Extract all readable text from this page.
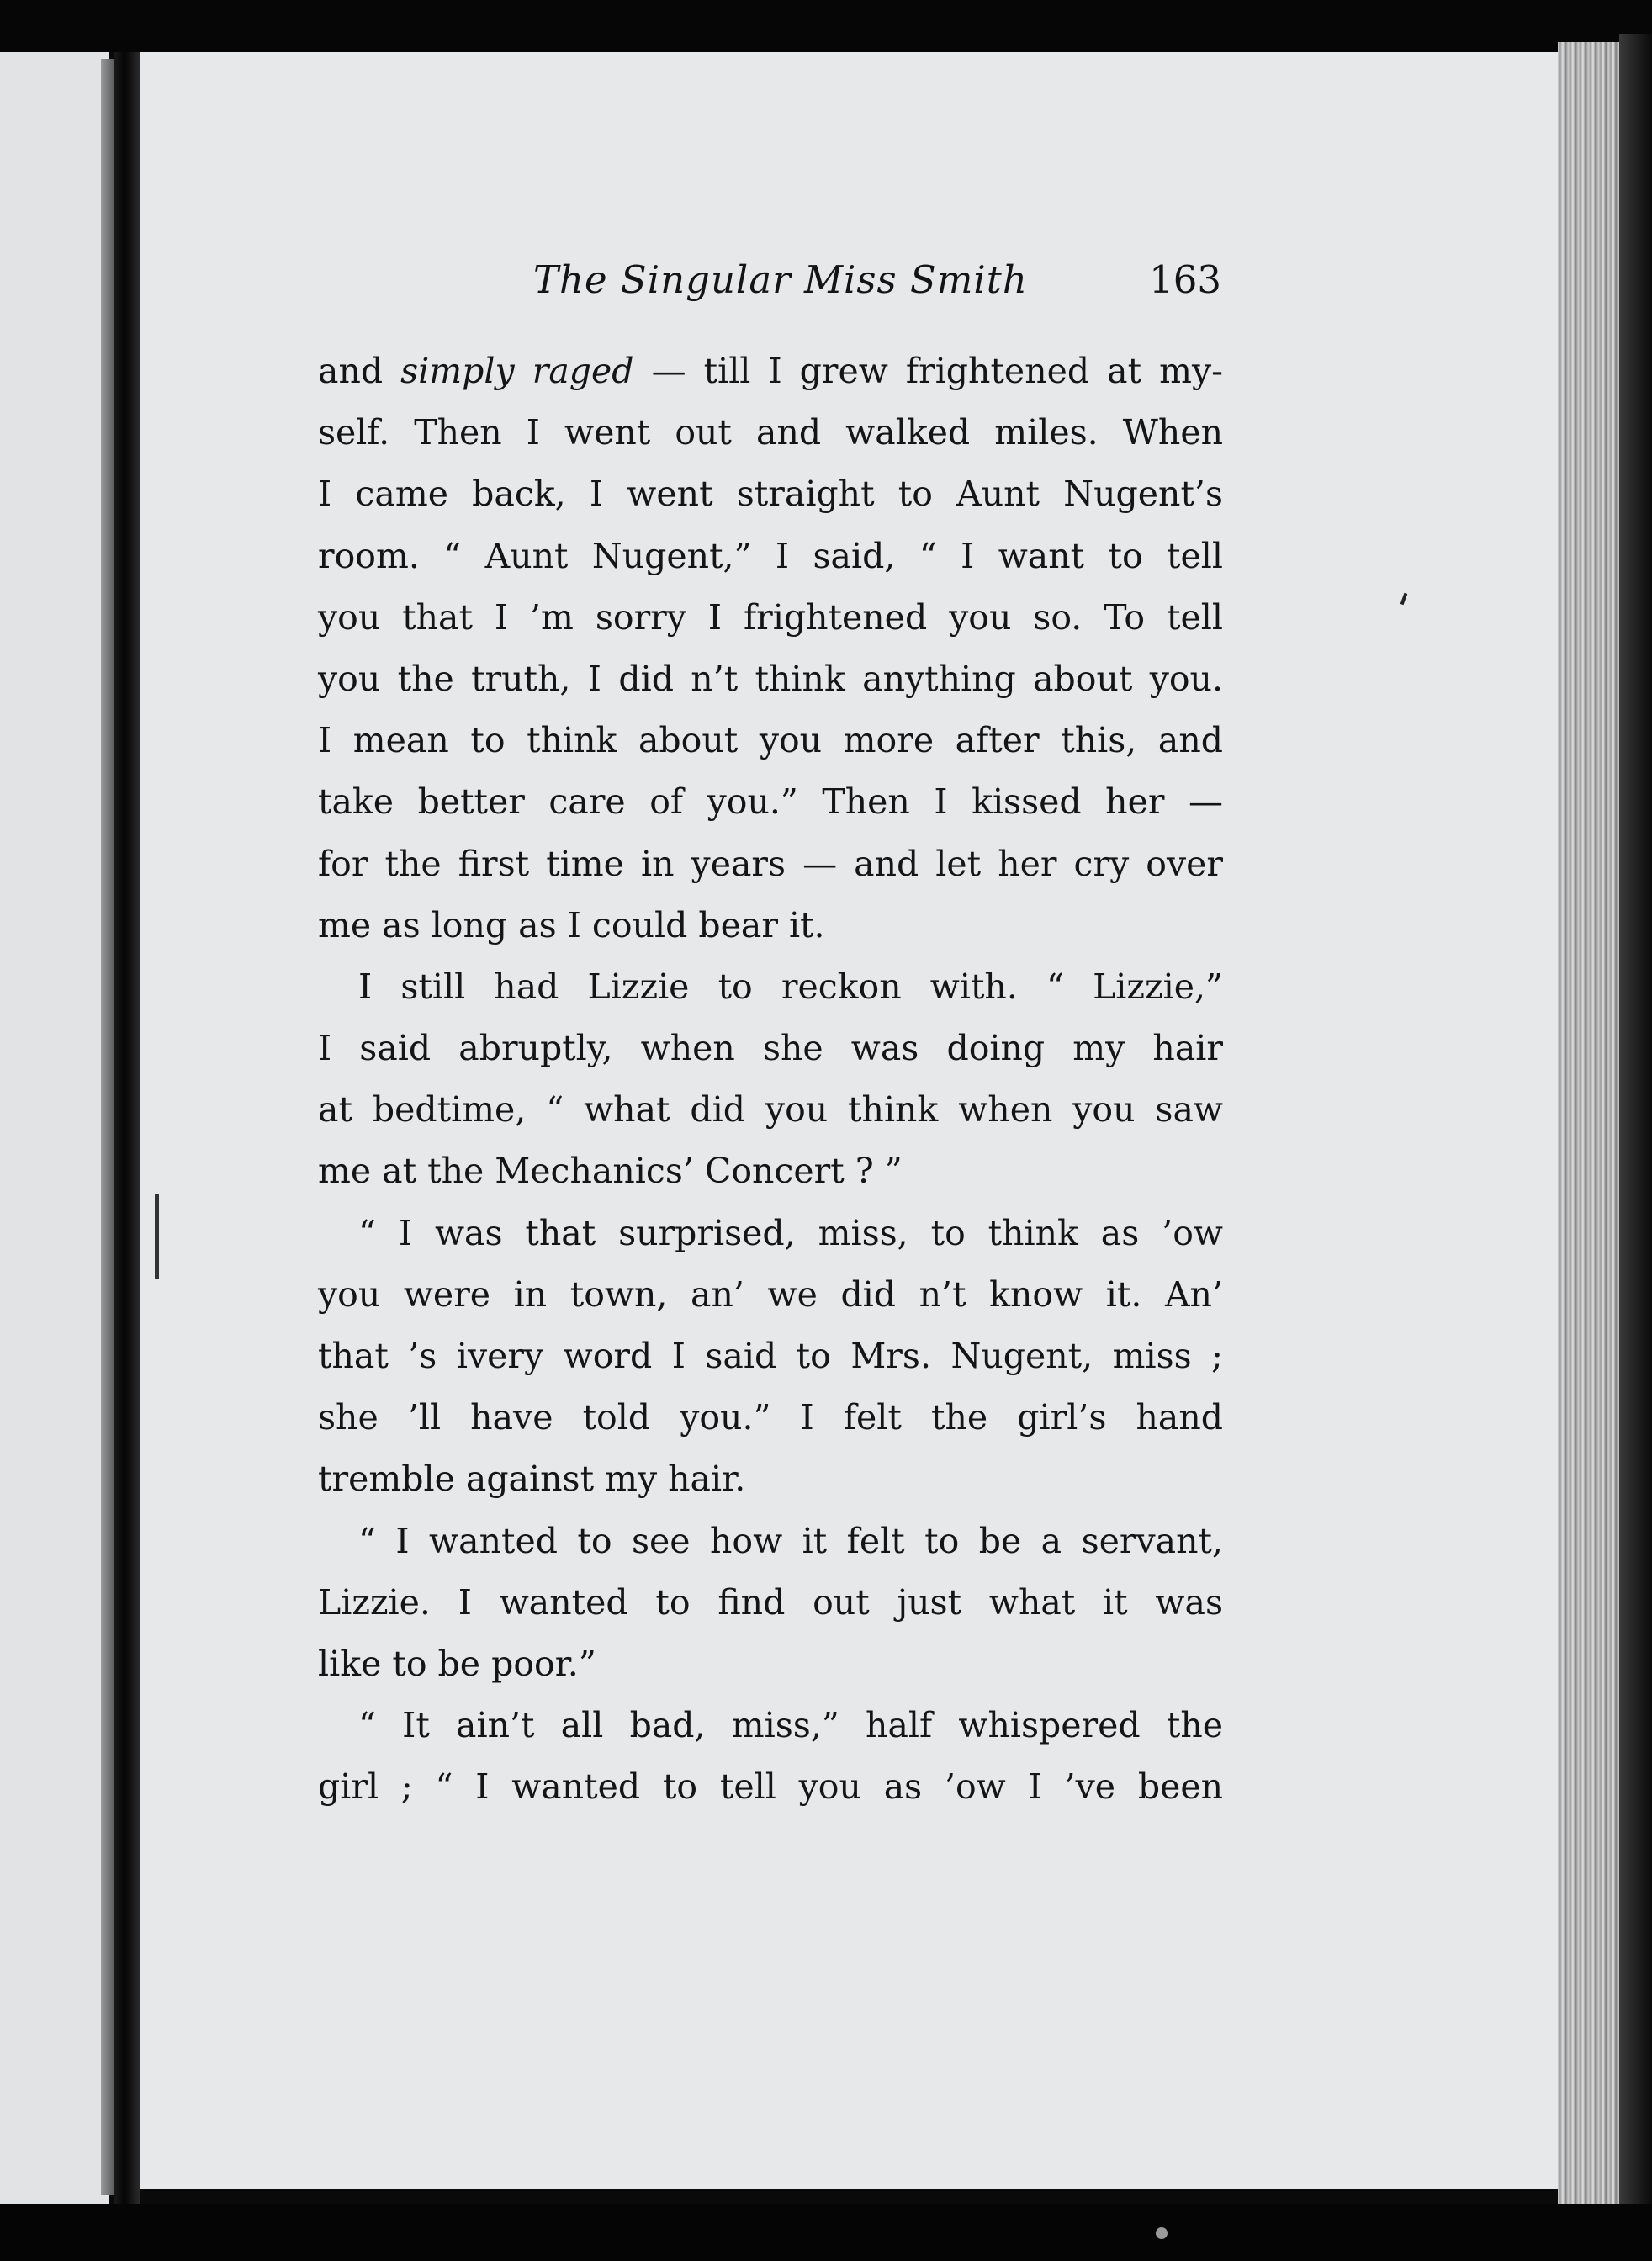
The Singular Miss Smith	163
and simply raged — till I grew frightened at my-
self. Then I went out and walked miles. When
I came back, I went straight to Aunt Nugent’s
room. “ Aunt Nugent,” I said, “ I want to tell
you that I ’m sorry I frightened you so. To tell
you the truth, I did n’t think anything about you.
I mean to think about you more after this, and
take better care of you.” Then I kissed her —
for the first time in years — and let her cry over
me as long as I could bear it.
I still had Lizzie to reckon with. “ Lizzie,”
I said abruptly, when she was doing my hair
at bedtime, “ what did you think when you saw
me at the Mechanics’ Concert ? ”
“ I was that surprised, miss, to think as ’ow
you were in town, an’ we did n’t know it. An’
that ’s ivery word I said to Mrs. Nugent, miss ;
she ’ll have told you.” I felt the girl’s hand
tremble against my hair.
“ I wanted to see how it felt to be a servant,
Lizzie. I wanted to find out just what it was
like to be poor.”
“ It ain’t all bad, miss,” half whispered the
girl ; “ I wanted to tell you as ’ow I ’ve been
